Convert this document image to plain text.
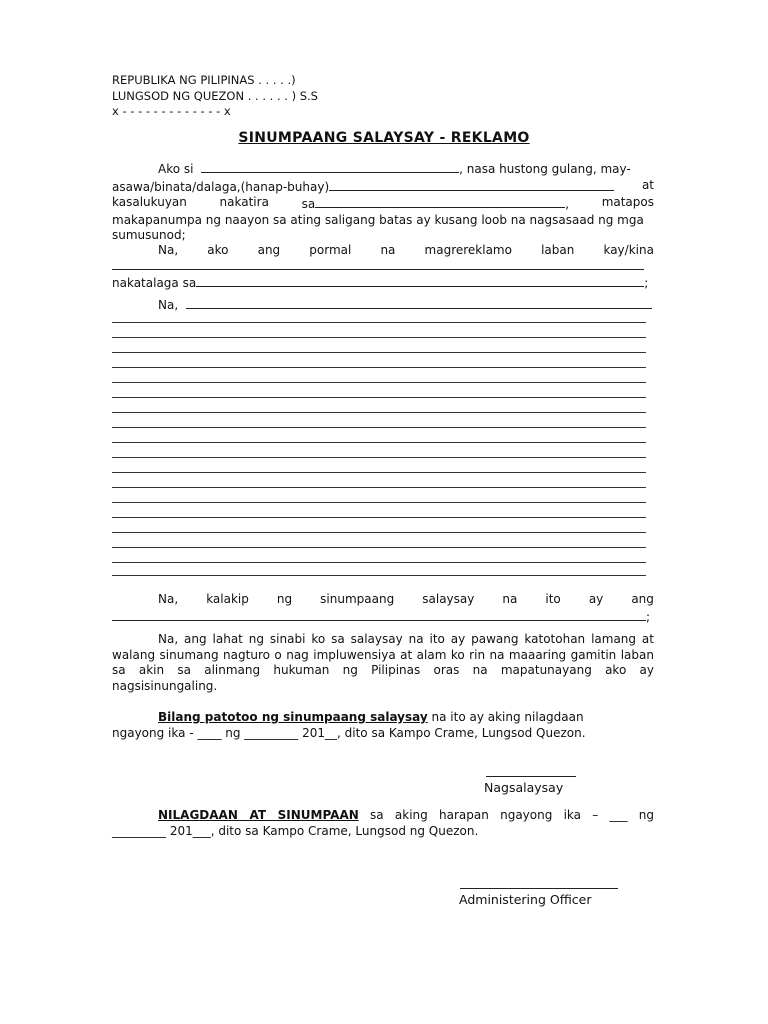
REPUBLIKA NG PILIPINAS . . . . .)
LUNGSOD NG QUEZON . . . . . . ) S.S
x - - - - - - - - - - - - - x
SINUMPAANG SALAYSAY - REKLAMO
Ako si	, nasa hustong gulang, may-
asawa/binata/dalaga,(hanap-buhay)	at
kasalukuyan	nakatira	sa	,	matapos
makapanumpa ng naayon sa ating saligang batas ay kusang loob na nagsasaad ng mga sumusunod;
Na, ako ang pormal na magrereklamo laban kay/kina
nakatalaga sa	;
Na,
Na, kalakip ng sinumpaang salaysay na ito ay ang
;
Na, ang lahat ng sinabi ko sa salaysay na ito ay pawang katotohan lamang at walang sinumang nagturo o nag impluwensiya at alam ko rin na maaaring gamitin laban sa akin sa alinmang hukuman ng Pilipinas oras na mapatunayang ako ay nagsisinungaling.
Bilang patotoo ng sinumpaang salaysay na ito ay aking nilagdaan
ngayong ika - ____ ng _________ 201__, dito sa Kampo Crame, Lungsod Quezon.
Nagsalaysay
NILAGDAAN AT SINUMPAAN sa aking harapan ngayong ika – ___ ng
_________ 201___, dito sa Kampo Crame, Lungsod ng Quezon.
Administering Officer
